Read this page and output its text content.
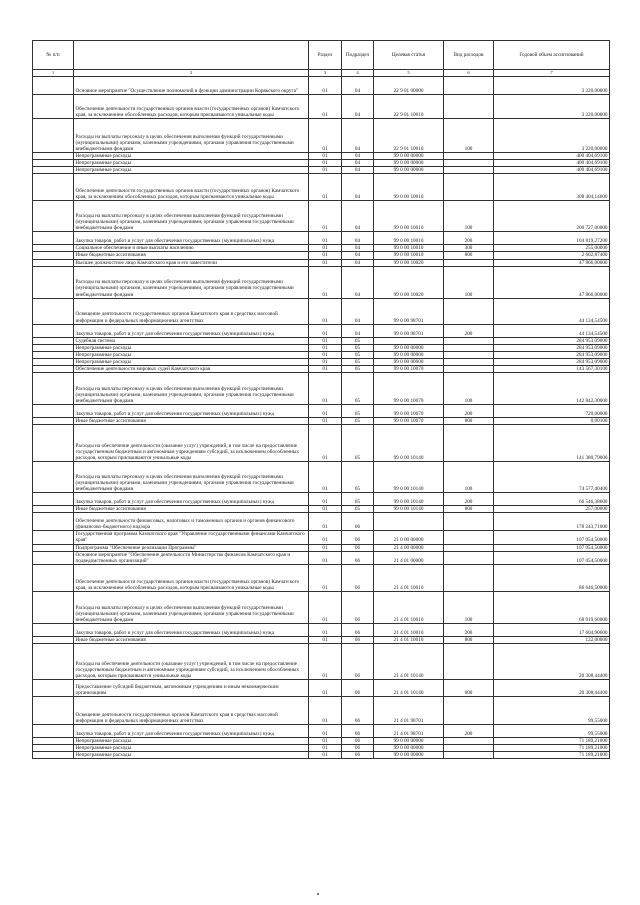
№ п/п		Раздел	Подраздел	Целевая статья	Вид расходов	Годовой объем ассигнований
1	2	3	4	5	6	7
	Основное мероприятие "Осуществление полномочий в функции администрации Корякского округа"	01	04	22 9 01 00000		3 220,00000
	Обеспечение деятельности государственных органов власти (государственных органов) Камчатского края, за исключением обособленных расходов, которым присваиваются уникальные коды	01	04	22 9 01 10010		3 220,00000
	Расходы на выплаты персоналу в целях обеспечения выполнения функций государственными (муниципальными) органами, казенными учреждениями, органами управления государственными внебюджетными фондами	01	04	22 9 01 10010	100	3 220,00000
	Непрограммные расходы	01	04	99 0 00 00000		400 404,69100
	Непрограммные расходы	01	04	99 0 00 00000		400 404,69100
	Непрограммные расходы	01	04	99 0 00 00000		400 404,69100
	Обеспечение деятельности государственных органов власти (государственных органов) Камчатского края, за исключением обособленных расходов, которым присваиваются уникальные коды	01	04	99 0 00 10010		308 404,14600
	Расходы на выплаты персоналу в целях обеспечения выполнения функций государственными (муниципальными) органами, казенными учреждениями, органами управления государственными внебюджетными фондами	01	04	99 0 00 10010	100	200 727,00000
	Закупка товаров, работ и услуг для обеспечения государственных (муниципальных) нужд	01	04	99 0 00 10010	200	104 819,27200
	Социальное обеспечение и иные выплаты населению	01	04	99 0 00 10010	300	255,00000
	Иные бюджетные ассигнования	01	04	99 0 00 10010	800	2 602,87400
	Высшее должностное лицо Камчатского края и его заместители	01	04	99 0 00 10020		47 866,00000
	Расходы на выплаты персоналу в целях обеспечения выполнения функций государственными (муниципальными) органами, казенными учреждениями, органами управления государственными внебюджетными фондами	01	04	99 0 00 10020	100	47 866,00000
	Освещение деятельности государственных органов Камчатского края в средствах массовой информации и федеральных информационных агентствах	01	04	99 0 00 98701		44 134,54500
	Закупка товаров, работ и услуг для обеспечения государственных (муниципальных) нужд	01	04	99 0 00 98701	200	44 134,54500
	Судебная система	01	05			284 953,09000
	Непрограммные расходы	01	05	99 0 00 00000		284 953,09000
	Непрограммные расходы	01	05	99 0 00 00000		284 953,09000
	Непрограммные расходы	01	05	99 0 00 00000		284 953,09000
	Обеспечение деятельности мировых судей Камчатского края	01	05	99 0 00 10070		143 567,30100
	Расходы на выплаты персоналу в целях обеспечения выполнения функций государственными (муниципальными) органами, казенными учреждениями, органами управления государственными внебюджетными фондами	01	05	99 0 00 10070	100	142 842,30000
	Закупка товаров, работ и услуг для обеспечения государственных (муниципальных) нужд	01	05	99 0 00 10070	200	720,00000
	Иные бюджетные ассигнования	01	05	99 0 00 10070	800	0,00100
	Расходы на обеспечение деятельности (оказание услуг) учреждений, в том числе на предоставление государственным бюджетным и автономным учреждениям субсидий, за исключением обособленных расходов, которым присваиваются уникальные коды	01	05	99 0 00 10140		141 380,79000
	Расходы на выплаты персоналу в целях обеспечения выполнения функций государственными (муниципальными) органами, казенными учреждениями, органами управления государственными внебюджетными фондами	01	05	99 0 00 10140	100	74 577,40400
	Закупка товаров, работ и услуг для обеспечения государственных (муниципальных) нужд	01	05	99 0 00 10140	200	66 546,38600
	Иные бюджетные ассигнования	01	05	99 0 00 10140	800	257,00000
	Обеспечение деятельности финансовых, налоговых и таможенных органов и органов финансового (финансово-бюджетного) надзора	01	06			178 243,71000
	Государственная программа Камчатского края "Управление государственными финансами Камчатского края"	01	06	21 0 00 00000		107 054,50000
	Подпрограмма "Обеспечение реализации Программы"	01	06	21 4 00 00000		107 054,50000
	Основное мероприятие "Обеспечение деятельности Министерства финансов Камчатского края и подведомственных организаций"	01	06	21 4 01 00000		107 054,50000
	Обеспечение деятельности государственных органов власти (государственных органов) Камчатского края, за исключением обособленных расходов, которым присваиваются уникальные коды	01	06	21 4 01 10010		86 646,50000
	Расходы на выплаты персоналу в целях обеспечения выполнения функций государственными (муниципальными) органами, казенными учреждениями, органами управления государственными внебюджетными фондами	01	06	21 4 01 10010	100	68 919,60000
	Закупка товаров, работ и услуг для обеспечения государственных (муниципальных) нужд	01	06	21 4 01 10010	200	17 604,90600
	Иные бюджетные ассигнования	01	06	21 4 01 10010	800	122,00000
	Расходы на обеспечение деятельности (оказание услуг) учреждений, в том числе на предоставление государственным бюджетным и автономным учреждениям субсидий, за исключением обособленных расходов, которым присваиваются уникальные коды	01	06	21 4 01 10140		20 308,44400
	Предоставление субсидий бюджетным, автономным учреждениям и иным некоммерческим организациям	01	06	21 4 01 10140	600	20 308,44400
	Освещение деятельности государственных органов Камчатского края в средствах массовой информации и федеральных информационных агентствах	01	06	21 4 01 98701		99,55000
	Закупка товаров, работ и услуг для обеспечения государственных (муниципальных) нужд	01	06	21 4 01 98701	200	99,55000
	Непрограммные расходы	01	06	99 0 00 00000		71 189,21000
	Непрограммные расходы	01	06	99 0 00 00000		71 189,21000
	Непрограммные расходы	01	06	99 0 00 00000		71 189,21000
